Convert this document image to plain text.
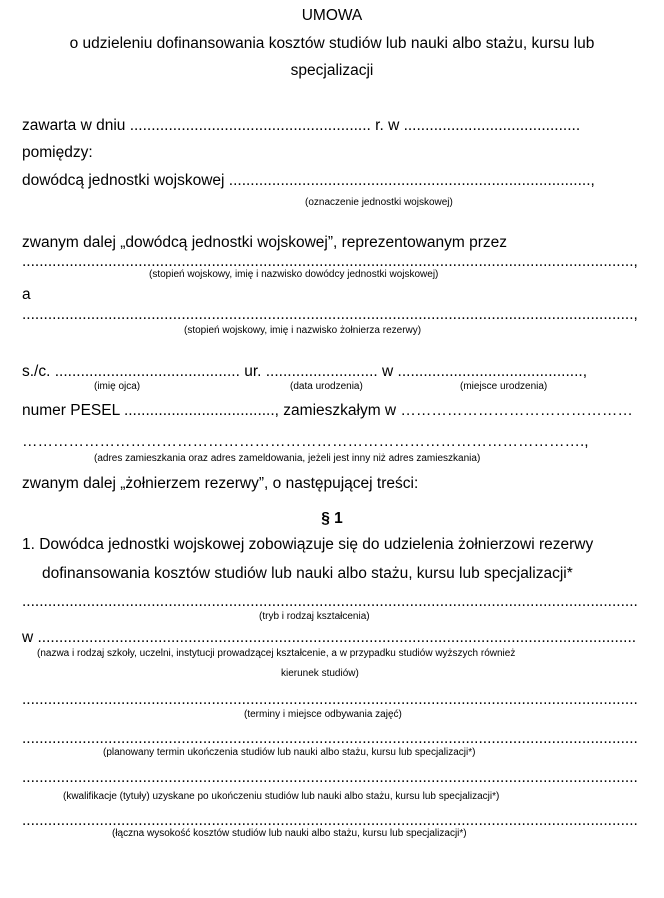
UMOWA
o udzieleniu dofinansowania kosztów studiów lub nauki albo stażu, kursu lub
specjalizacji
zawarta w dniu ........................................................ r. w .........................................
pomiędzy:
dowódcą jednostki wojskowej ....................................................................................,
(oznaczenie jednostki wojskowej)
zwanym dalej „dowódcą jednostki wojskowej”, reprezentowanym przez
..............................................................................................................................................,
(stopień wojskowy, imię i nazwisko dowódcy jednostki wojskowej)
a
..............................................................................................................................................,
(stopień wojskowy, imię i nazwisko żołnierza rezerwy)
s./c. ........................................... ur. .......................... w ...........................................,
(imię ojca)	(data urodzenia)	(miejsce urodzenia)
numer PESEL ..................................., zamieszkałym w ………………………………………
……………………………………………………………………………………………….,
(adres zamieszkania oraz adres zameldowania, jeżeli jest inny niż adres zamieszkania)
zwanym dalej „żołnierzem rezerwy”, o następującej treści:
§ 1
1. Dowódca jednostki wojskowej zobowiązuje się do udzielenia żołnierzowi rezerwy
dofinansowania kosztów studiów lub nauki albo stażu, kursu lub specjalizacji*
...............................................................................................................................................
(tryb i rodzaj kształcenia)
w ...........................................................................................................................................
(nazwa i rodzaj szkoły, uczelni, instytucji prowadzącej kształcenie, a w przypadku studiów wyższych również
kierunek studiów)
...............................................................................................................................................
(terminy i miejsce odbywania zajęć)
...............................................................................................................................................
(planowany termin ukończenia studiów lub nauki albo stażu, kursu lub specjalizacji*)
...............................................................................................................................................
(kwalifikacje (tytuły) uzyskane po ukończeniu studiów lub nauki albo stażu, kursu lub specjalizacji*)
...............................................................................................................................................
(łączna wysokość kosztów studiów lub nauki albo stażu, kursu lub specjalizacji*)
